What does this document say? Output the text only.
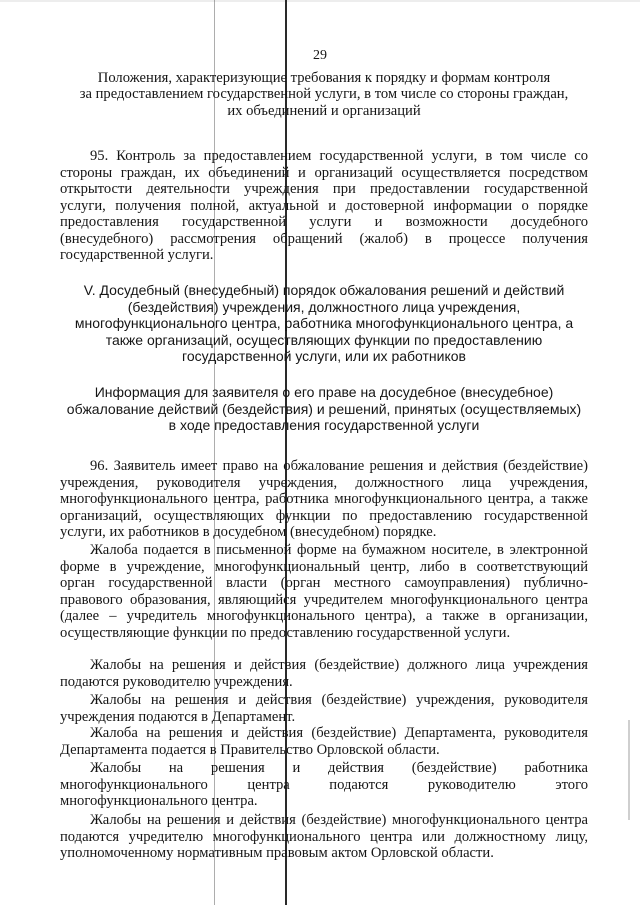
29
Положения, характеризующие требования к порядку и формам контроля
за предоставлением государственной услуги, в том числе со стороны граждан,
их объединений и организаций
95. Контроль за предоставлением государственной услуги, в том числе со
стороны граждан, их объединений и организаций осуществляется посредством
открытости деятельности учреждения при предоставлении государственной
услуги, получения полной, актуальной и достоверной информации о порядке
предоставления государственной услуги и возможности досудебного
(внесудебного) рассмотрения обращений (жалоб) в процессе получения
государственной услуги.
V. Досудебный (внесудебный) порядок обжалования решений и действий
(бездействия) учреждения, должностного лица учреждения,
многофункционального центра, работника многофункционального центра, а
также организаций, осуществляющих функции по предоставлению
государственной услуги, или их работников
Информация для заявителя о его праве на досудебное (внесудебное)
обжалование действий (бездействия) и решений, принятых (осуществляемых)
в ходе предоставления государственной услуги
96. Заявитель имеет право на обжалование решения и действия (бездействие)
учреждения, руководителя учреждения, должностного лица учреждения,
многофункционального центра, работника многофункционального центра, а также
организаций, осуществляющих функции по предоставлению государственной
услуги, их работников в досудебном (внесудебном) порядке.
Жалоба подается в письменной форме на бумажном носителе, в электронной
форме в учреждение, многофункциональный центр, либо в соответствующий
орган государственной власти (орган местного самоуправления) публично-
правового образования, являющийся учредителем многофункционального центра
(далее – учредитель многофункционального центра), а также в организации,
осуществляющие функции по предоставлению государственной услуги.
Жалобы на решения и действия (бездействие) должного лица учреждения
подаются руководителю учреждения.
Жалобы на решения и действия (бездействие) учреждения, руководителя
учреждения подаются в Департамент.
Жалоба на решения и действия (бездействие) Департамента, руководителя
Департамента подается в Правительство Орловской области.
Жалобы на решения и действия (бездействие) работника
многофункционального	центра	подаются	руководителю	этого
многофункционального центра.
Жалобы на решения и действия (бездействие) многофункционального центра
подаются учредителю многофункционального центра или должностному лицу,
уполномоченному нормативным правовым актом Орловской области.
